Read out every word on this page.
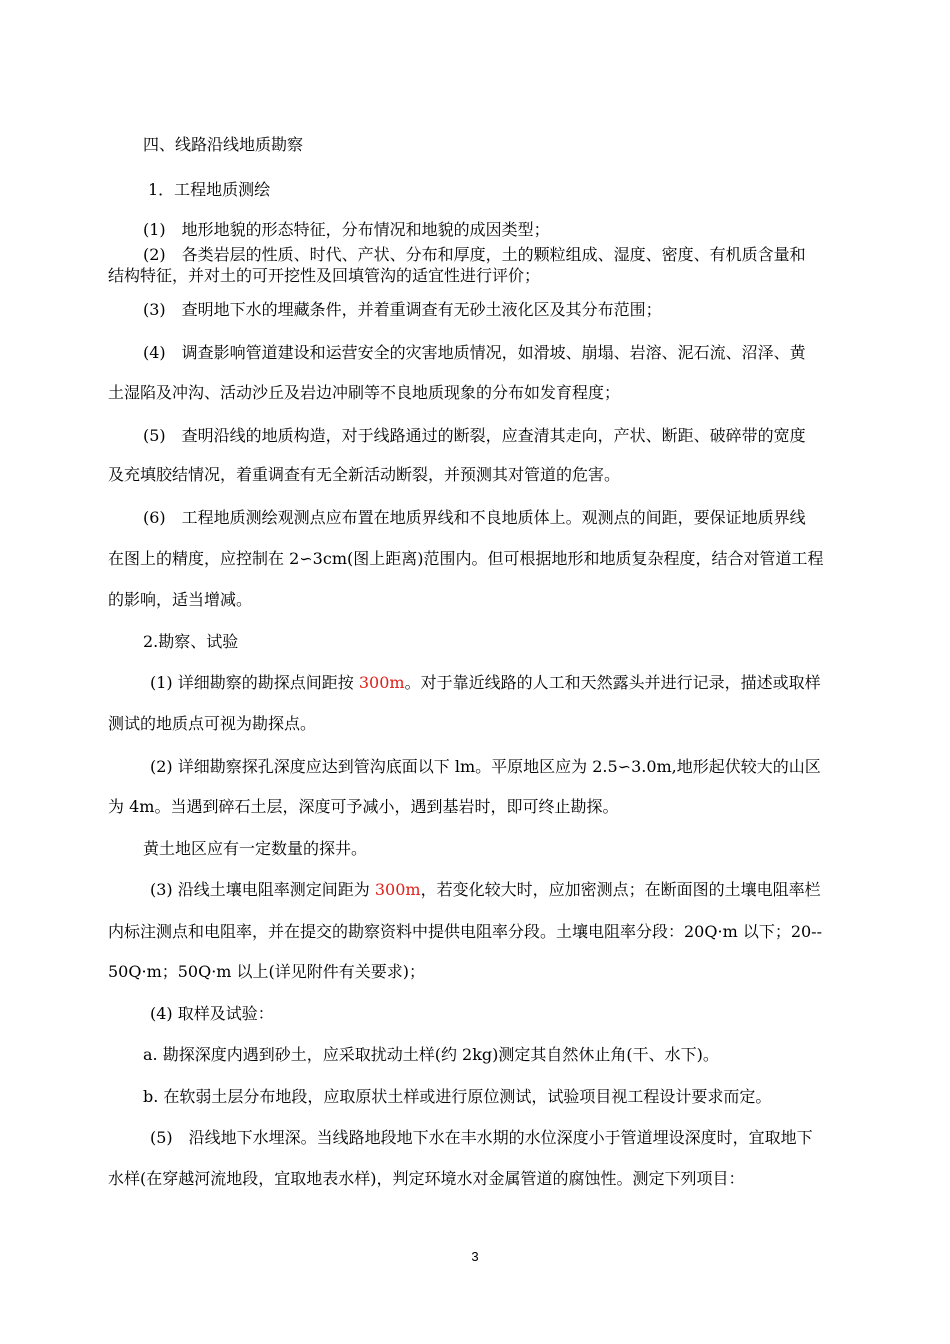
四、线路沿线地质勘察
1．工程地质测绘
(1)　地形地貌的形态特征，分布情况和地貌的成因类型；
(2)　各类岩层的性质、时代、产状、分布和厚度，土的颗粒组成、湿度、密度、有机质含量和
结构特征，并对土的可开挖性及回填管沟的适宜性进行评价；
(3)　查明地下水的埋藏条件，并着重调查有无砂土液化区及其分布范围；
(4)　调查影响管道建设和运营安全的灾害地质情况，如滑坡、崩塌、岩溶、泥石流、沼泽、黄
土湿陷及冲沟、活动沙丘及岩边冲刷等不良地质现象的分布如发育程度；
(5)　查明沿线的地质构造，对于线路通过的断裂，应查清其走向，产状、断距、破碎带的宽度
及充填胶结情况，着重调查有无全新活动断裂，并预测其对管道的危害。
(6)　工程地质测绘观测点应布置在地质界线和不良地质体上。观测点的间距，要保证地质界线
在图上的精度，应控制在 2∽3cm(图上距离)范围内。但可根据地形和地质复杂程度，结合对管道工程
的影响，适当增减。
2.勘察、试验
(1) 详细勘察的勘探点间距按 300m。对于靠近线路的人工和天然露头并进行记录，描述或取样
测试的地质点可视为勘探点。
(2) 详细勘察探孔深度应达到管沟底面以下 lm。平原地区应为 2.5∽3.0m,地形起伏较大的山区
为 4m。当遇到碎石土层，深度可予减小，遇到基岩时，即可终止勘探。
黄土地区应有一定数量的探井。
(3) 沿线土壤电阻率测定间距为 300m，若变化较大时，应加密测点；在断面图的土壤电阻率栏
内标注测点和电阻率，并在提交的勘察资料中提供电阻率分段。土壤电阻率分段：20Q·m 以下；20--
50Q·m；50Q·m 以上(详见附件有关要求)；
(4) 取样及试验：
a. 勘探深度内遇到砂土，应采取扰动土样(约 2kg)测定其自然休止角(干、水下)。
b. 在软弱土层分布地段，应取原状土样或进行原位测试，试验项目视工程设计要求而定。
(5)　沿线地下水埋深。当线路地段地下水在丰水期的水位深度小于管道埋设深度时，宜取地下
水样(在穿越河流地段，宜取地表水样)，判定环境水对金属管道的腐蚀性。测定下列项目：
3
